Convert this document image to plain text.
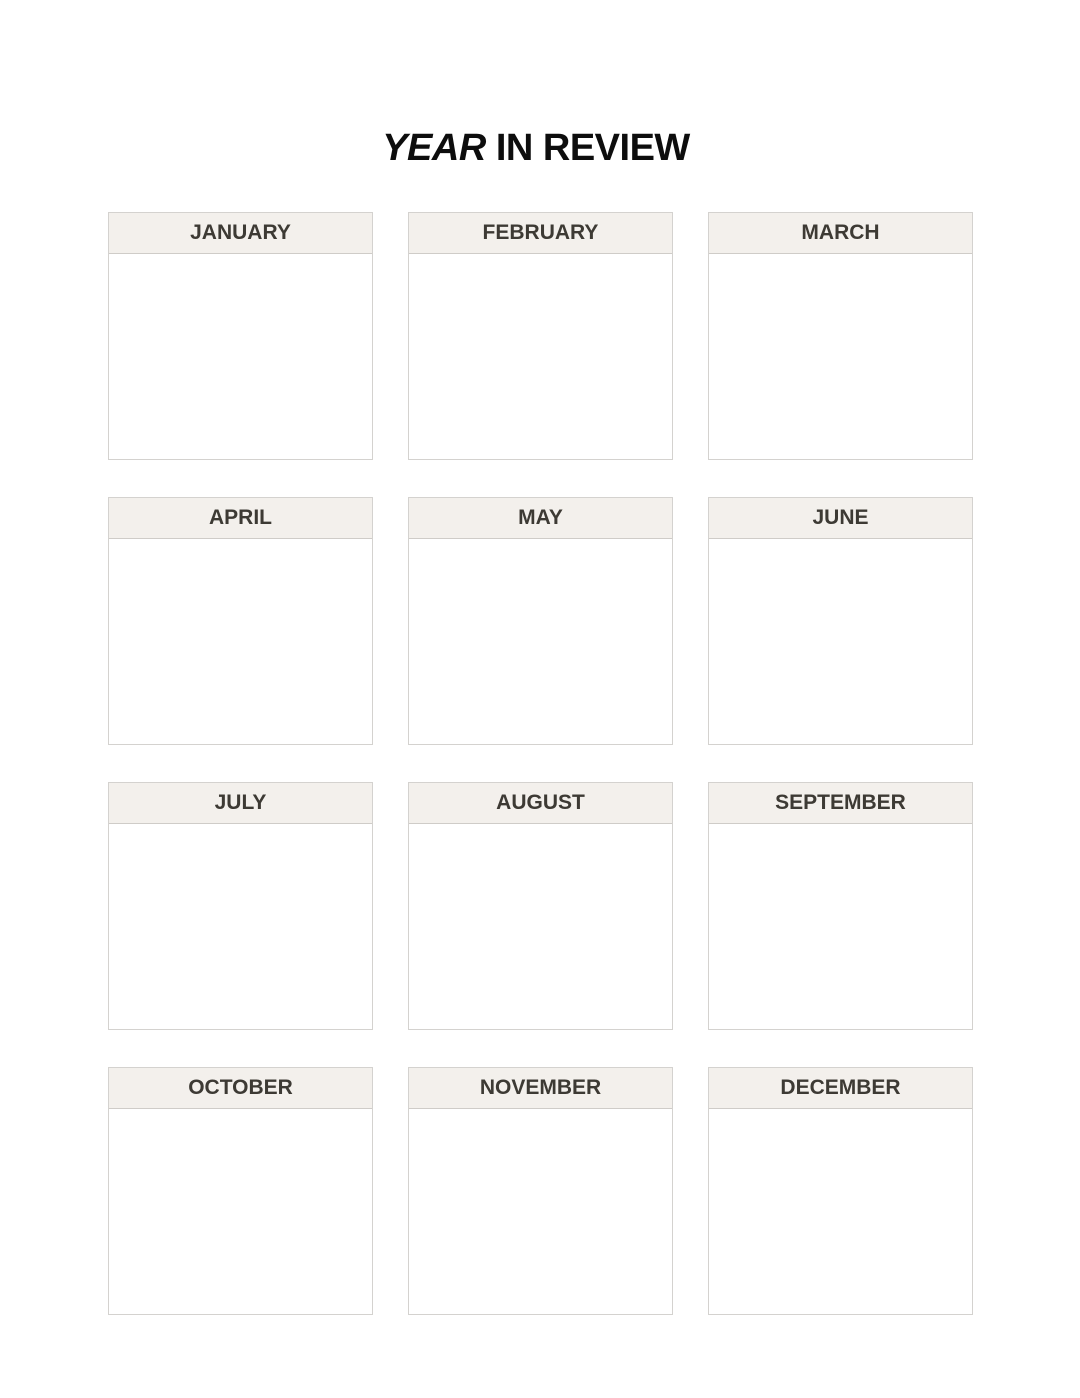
YEAR IN REVIEW
JANUARY	FEBRUARY	MARCH
APRIL	MAY	JUNE
JULY	AUGUST	SEPTEMBER
OCTOBER	NOVEMBER	DECEMBER
